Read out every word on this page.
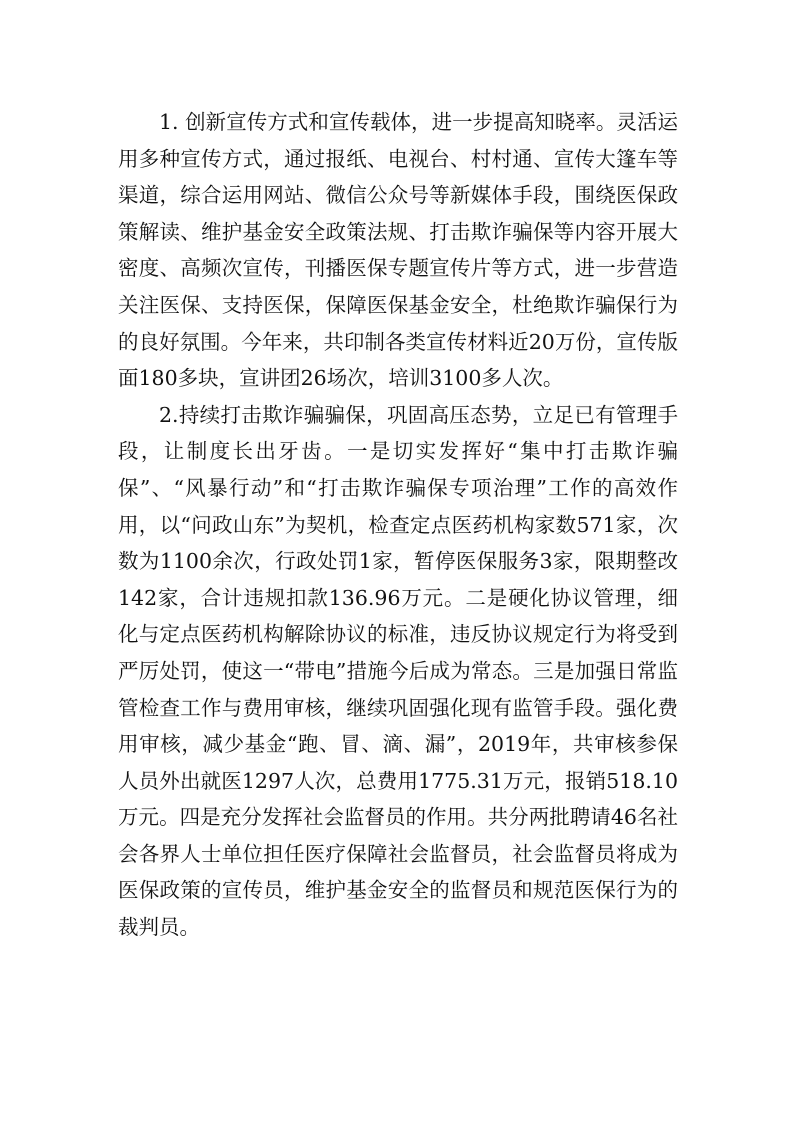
1. 创新宣传方式和宣传载体，进一步提高知晓率。灵活运用多种宣传方式，通过报纸、电视台、村村通、宣传大篷车等渠道，综合运用网站、微信公众号等新媒体手段，围绕医保政策解读、维护基金安全政策法规、打击欺诈骗保等内容开展大密度、高频次宣传，刊播医保专题宣传片等方式，进一步营造关注医保、支持医保，保障医保基金安全，杜绝欺诈骗保行为的良好氛围。今年来，共印制各类宣传材料近20万份，宣传版面180多块，宣讲团26场次，培训3100多人次。

2.持续打击欺诈骗骗保，巩固高压态势，立足已有管理手段，让制度长出牙齿。一是切实发挥好“集中打击欺诈骗保”、“风暴行动”和“打击欺诈骗保专项治理”工作的高效作用，以“问政山东”为契机，检查定点医药机构家数571家，次数为1100余次，行政处罚1家，暂停医保服务3家，限期整改142家，合计违规扣款136.96万元。二是硬化协议管理，细化与定点医药机构解除协议的标准，违反协议规定行为将受到严厉处罚，使这一“带电”措施今后成为常态。三是加强日常监管检查工作与费用审核，继续巩固强化现有监管手段。强化费用审核，减少基金“跑、冒、滴、漏”，2019年，共审核参保人员外出就医1297人次，总费用1775.31万元，报销518.10万元。四是充分发挥社会监督员的作用。共分两批聘请46名社会各界人士单位担任医疗保障社会监督员，社会监督员将成为医保政策的宣传员，维护基金安全的监督员和规范医保行为的裁判员。
